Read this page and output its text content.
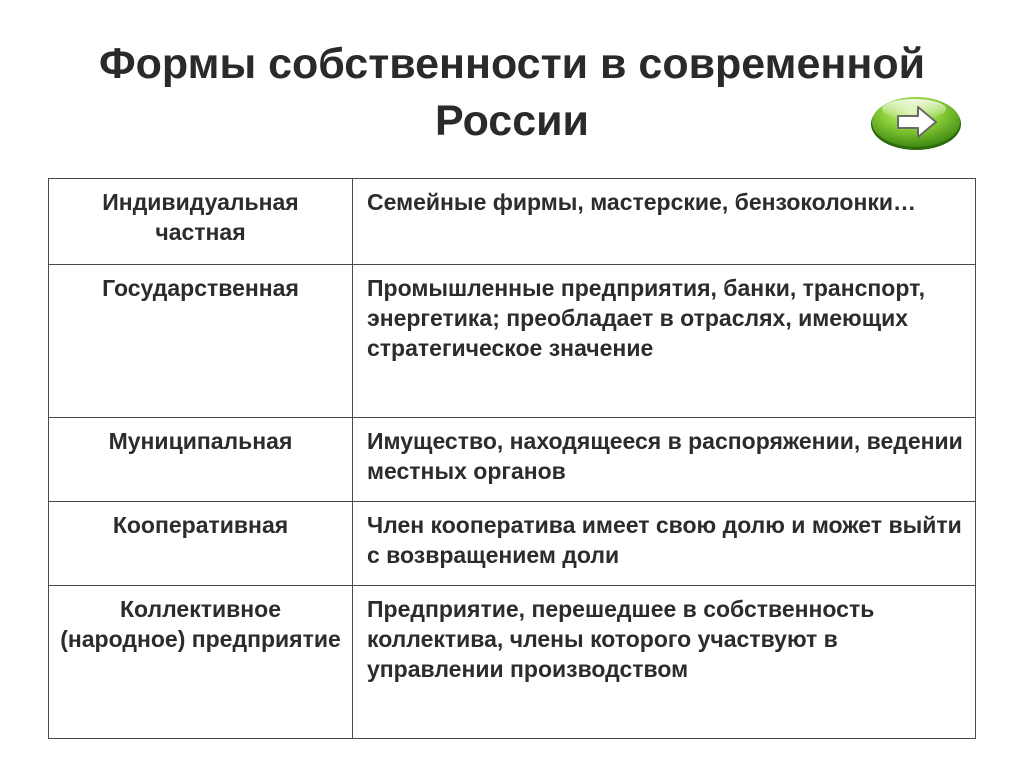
Формы собственности в современной
России
Индивидуальная частная	Семейные фирмы, мастерские, бензоколонки…

Государственная	Промышленные предприятия, банки, транспорт, энергетика; преобладает в отраслях, имеющих стратегическое значение

Муниципальная	Имущество, находящееся в распоряжении, ведении местных органов

Кооперативная	Член кооператива имеет свою долю и может выйти с возвращением доли

Коллективное (народное) предприятие	Предприятие, перешедшее в собственность коллектива, члены которого участвуют в управлении производством
